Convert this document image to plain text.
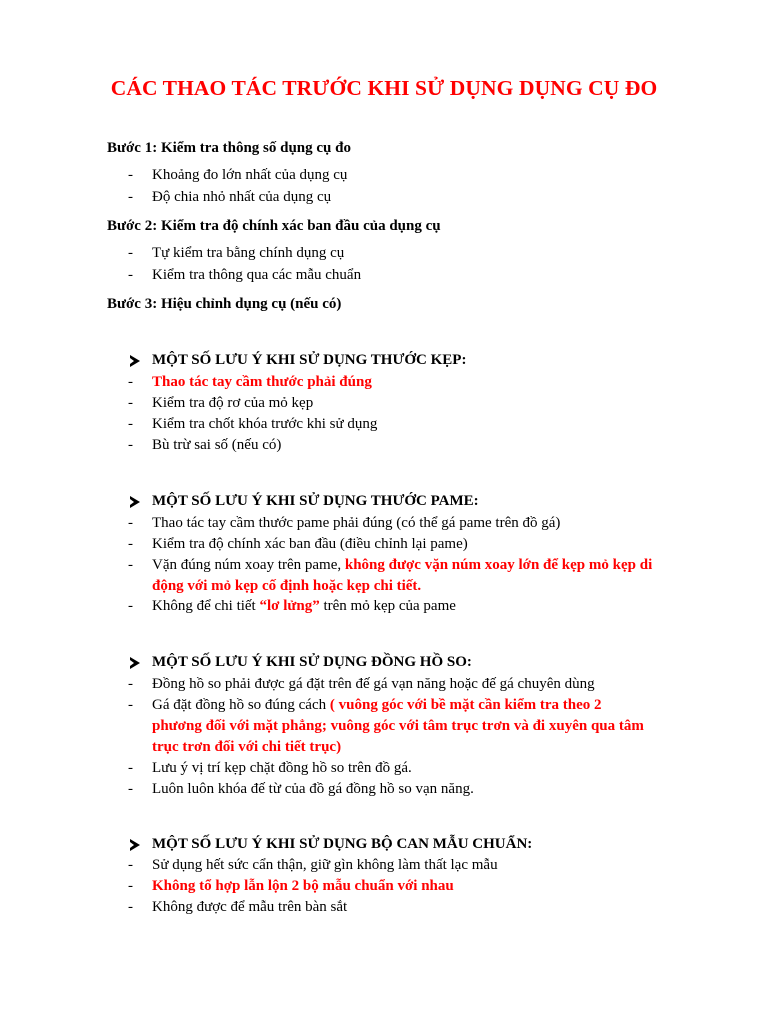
CÁC THAO TÁC TRƯỚC KHI SỬ DỤNG DỤNG CỤ ĐO
Bước 1: Kiểm tra thông số dụng cụ đo
- Khoảng đo lớn nhất của dụng cụ
- Độ chia nhỏ nhất của dụng cụ
Bước 2: Kiểm tra độ chính xác ban đầu của dụng cụ
- Tự kiểm tra bằng chính dụng cụ
- Kiểm tra thông qua các mẫu chuẩn
Bước 3: Hiệu chỉnh dụng cụ (nếu có)
MỘT SỐ LƯU Ý KHI SỬ DỤNG THƯỚC KẸP:
- Thao tác tay cầm thước phải đúng
- Kiểm tra độ rơ của mỏ kẹp
- Kiểm tra chốt khóa trước khi sử dụng
- Bù trừ sai số (nếu có)
MỘT SỐ LƯU Ý KHI SỬ DỤNG THƯỚC PAME:
- Thao tác tay cầm thước pame phải đúng (có thể gá pame trên đồ gá)
- Kiểm tra độ chính xác ban đầu (điều chỉnh lại pame)
- Vặn đúng núm xoay trên pame, không được vặn núm xoay lớn để kẹp mỏ kẹp di
động với mỏ kẹp cố định hoặc kẹp chi tiết.
- Không để chi tiết “lơ lửng” trên mỏ kẹp của pame
MỘT SỐ LƯU Ý KHI SỬ DỤNG ĐỒNG HỒ SO:
- Đồng hồ so phải được gá đặt trên đế gá vạn năng hoặc đế gá chuyên dùng
- Gá đặt đồng hồ so đúng cách ( vuông góc với bề mặt cần kiểm tra theo 2
phương đối với mặt phẳng; vuông góc với tâm trục trơn và đi xuyên qua tâm
trục trơn đối với chi tiết trục)
- Lưu ý vị trí kẹp chặt đồng hồ so trên đồ gá.
- Luôn luôn khóa đế từ của đồ gá đồng hồ so vạn năng.
MỘT SỐ LƯU Ý KHI SỬ DỤNG BỘ CAN MẪU CHUẨN:
- Sử dụng hết sức cẩn thận, giữ gìn không làm thất lạc mẫu
- Không tổ hợp lẫn lộn 2 bộ mẫu chuẩn với nhau
- Không được để mẫu trên bàn sắt
